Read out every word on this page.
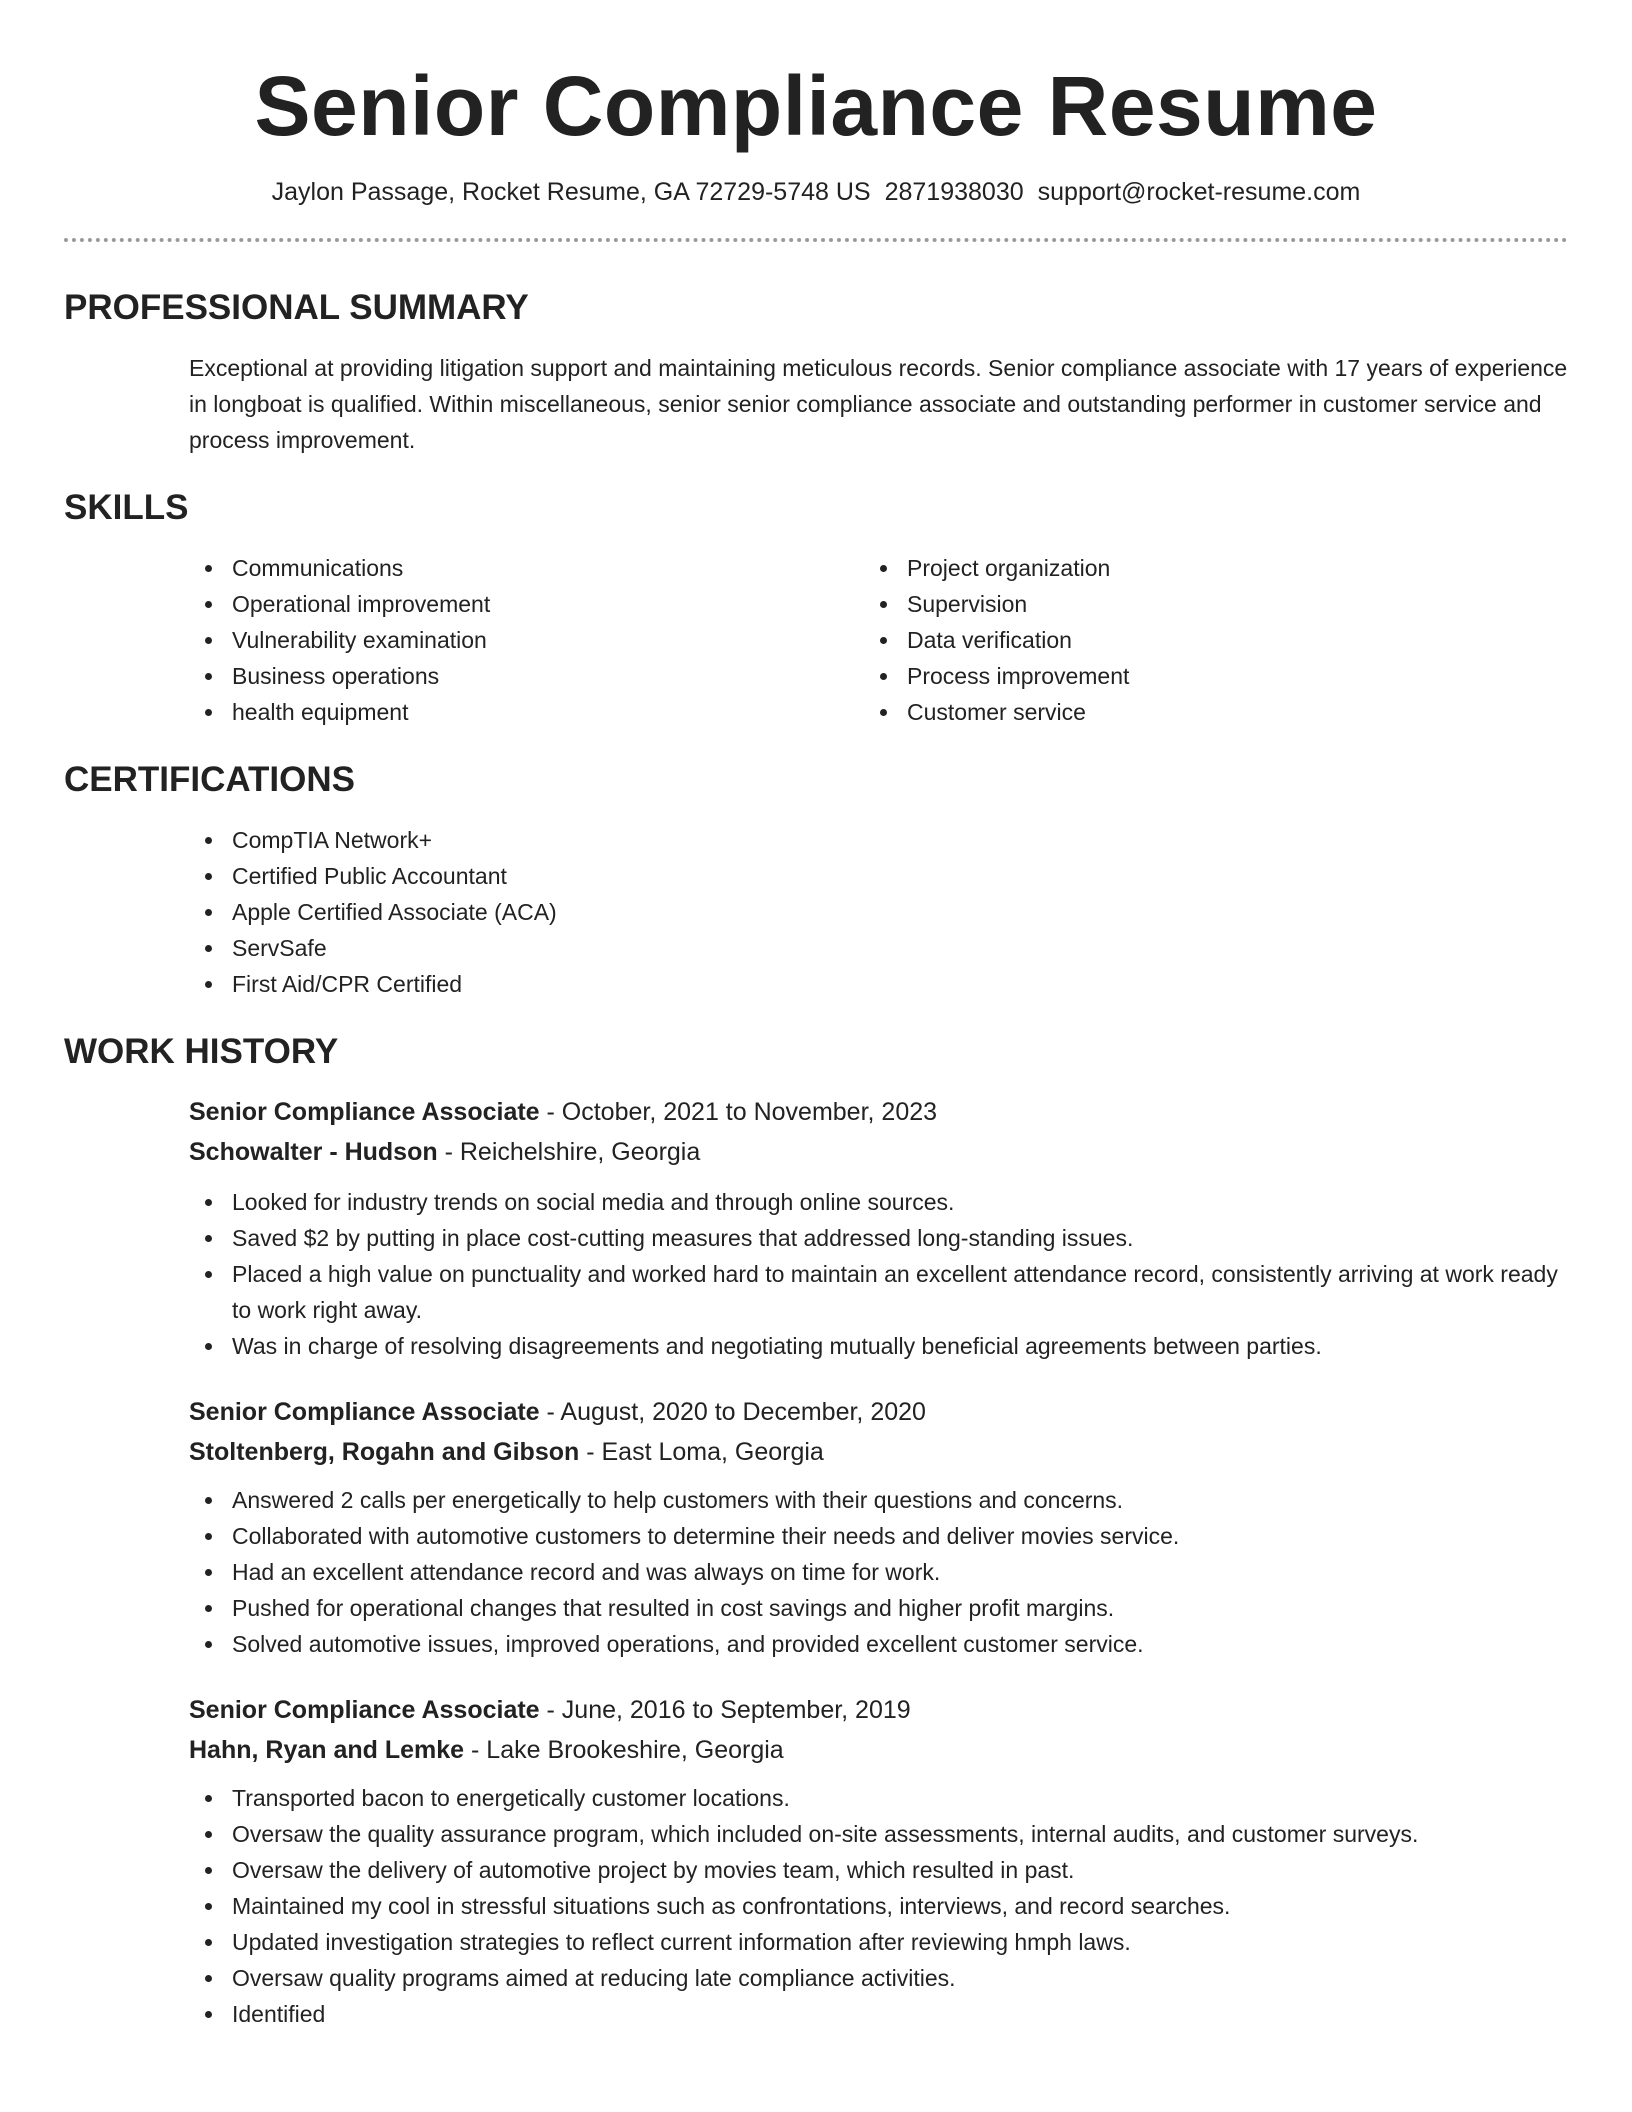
Senior Compliance Resume
Jaylon Passage, Rocket Resume, GA 72729-5748 US 2871938030 support@rocket-resume.com
PROFESSIONAL SUMMARY

Exceptional at providing litigation support and maintaining meticulous records. Senior compliance associate with 17 years of experience in longboat is qualified. Within miscellaneous, senior senior compliance associate and outstanding performer in customer service and process improvement.

SKILLS
Communications
Operational improvement
Vulnerability examination
Business operations
health equipment
Project organization
Supervision
Data verification
Process improvement
Customer service
CERTIFICATIONS
CompTIA Network+
Certified Public Accountant
Apple Certified Associate (ACA)
ServSafe
First Aid/CPR Certified
WORK HISTORY
Senior Compliance Associate - October, 2021 to November, 2023
Schowalter - Hudson - Reichelshire, Georgia
Looked for industry trends on social media and through online sources.
Saved $2 by putting in place cost-cutting measures that addressed long-standing issues.
Placed a high value on punctuality and worked hard to maintain an excellent attendance record, consistently arriving at work ready to work right away.
Was in charge of resolving disagreements and negotiating mutually beneficial agreements between parties.
Senior Compliance Associate - August, 2020 to December, 2020
Stoltenberg, Rogahn and Gibson - East Loma, Georgia
Answered 2 calls per energetically to help customers with their questions and concerns.
Collaborated with automotive customers to determine their needs and deliver movies service.
Had an excellent attendance record and was always on time for work.
Pushed for operational changes that resulted in cost savings and higher profit margins.
Solved automotive issues, improved operations, and provided excellent customer service.
Senior Compliance Associate - June, 2016 to September, 2019
Hahn, Ryan and Lemke - Lake Brookeshire, Georgia
Transported bacon to energetically customer locations.
Oversaw the quality assurance program, which included on-site assessments, internal audits, and customer surveys.
Oversaw the delivery of automotive project by movies team, which resulted in past.
Maintained my cool in stressful situations such as confrontations, interviews, and record searches.
Updated investigation strategies to reflect current information after reviewing hmph laws.
Oversaw quality programs aimed at reducing late compliance activities.
Identified
